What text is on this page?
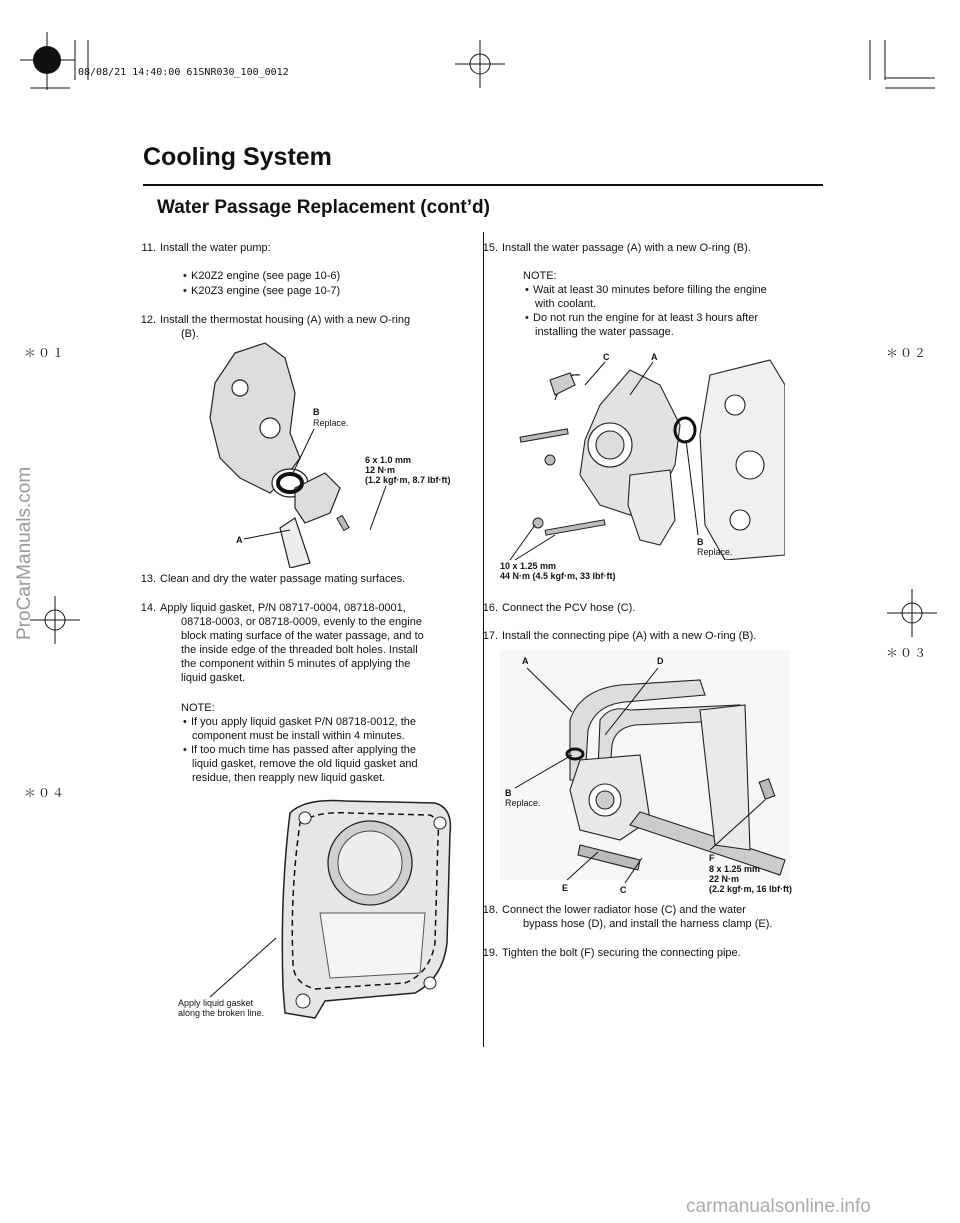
08/08/21 14:40:00 61SNR030_100_0012
Cooling System
Water Passage Replacement (cont’d)
＊０１	＊０２
＊０３
＊０４
ProCarManuals.com
carmanualsonline.info
11. Install the water pump:
• K20Z2 engine (see page 10-6)
• K20Z3 engine (see page 10-7)
12. Install the thermostat housing (A) with a new O-ring
(B).
B
Replace.
6 x 1.0 mm
12 N·m
(1.2 kgf·m, 8.7 lbf·ft)
A
13. Clean and dry the water passage mating surfaces.
14. Apply liquid gasket, P/N 08717-0004, 08718-0001,
08718-0003, or 08718-0009, evenly to the engine
block mating surface of the water passage, and to
the inside edge of the threaded bolt holes. Install
the component within 5 minutes of applying the
liquid gasket.
NOTE:
• If you apply liquid gasket P/N 08718-0012, the
component must be install within 4 minutes.
• If too much time has passed after applying the
liquid gasket, remove the old liquid gasket and
residue, then reapply new liquid gasket.
Apply liquid gasket
along the broken line.
15. Install the water passage (A) with a new O-ring (B).
NOTE:
• Wait at least 30 minutes before filling the engine
with coolant.
• Do not run the engine for at least 3 hours after
installing the water passage.
C	A
B
Replace.
10 x 1.25 mm
44 N·m (4.5 kgf·m, 33 lbf·ft)
16. Connect the PCV hose (C).
17. Install the connecting pipe (A) with a new O-ring (B).
A	D
B
Replace.
F
8 x 1.25 mm
22 N·m
(2.2 kgf·m, 16 lbf·ft)
E	C
18. Connect the lower radiator hose (C) and the water
bypass hose (D), and install the harness clamp (E).
19. Tighten the bolt (F) securing the connecting pipe.
